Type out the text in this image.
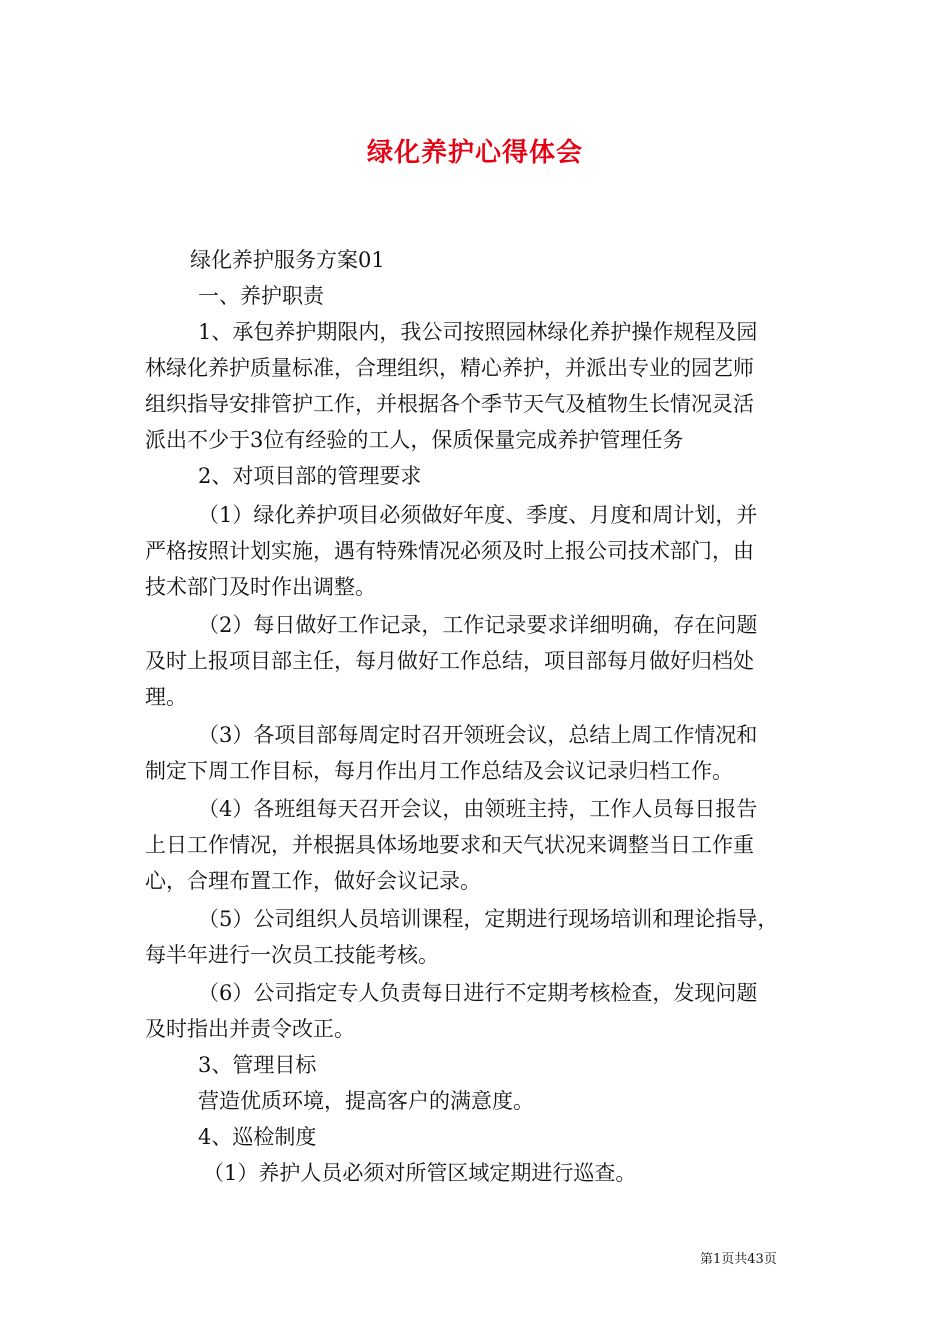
绿化养护心得体会
绿化养护服务方案01
一、养护职责
1、承包养护期限内，我公司按照园林绿化养护操作规程及园
林绿化养护质量标准，合理组织，精心养护，并派出专业的园艺师
组织指导安排管护工作，并根据各个季节天气及植物生长情况灵活
派出不少于3位有经验的工人，保质保量完成养护管理任务
2、对项目部的管理要求
（1）绿化养护项目必须做好年度、季度、月度和周计划，并
严格按照计划实施，遇有特殊情况必须及时上报公司技术部门，由
技术部门及时作出调整。
（2）每日做好工作记录，工作记录要求详细明确，存在问题
及时上报项目部主任，每月做好工作总结，项目部每月做好归档处
理。
（3）各项目部每周定时召开领班会议，总结上周工作情况和
制定下周工作目标，每月作出月工作总结及会议记录归档工作。
（4）各班组每天召开会议，由领班主持，工作人员每日报告
上日工作情况，并根据具体场地要求和天气状况来调整当日工作重
心，合理布置工作，做好会议记录。
（5）公司组织人员培训课程，定期进行现场培训和理论指导，
每半年进行一次员工技能考核。
（6）公司指定专人负责每日进行不定期考核检查，发现问题
及时指出并责令改正。
3、管理目标
营造优质环境，提高客户的满意度。
4、巡检制度
（1）养护人员必须对所管区域定期进行巡查。
第1页共43页
